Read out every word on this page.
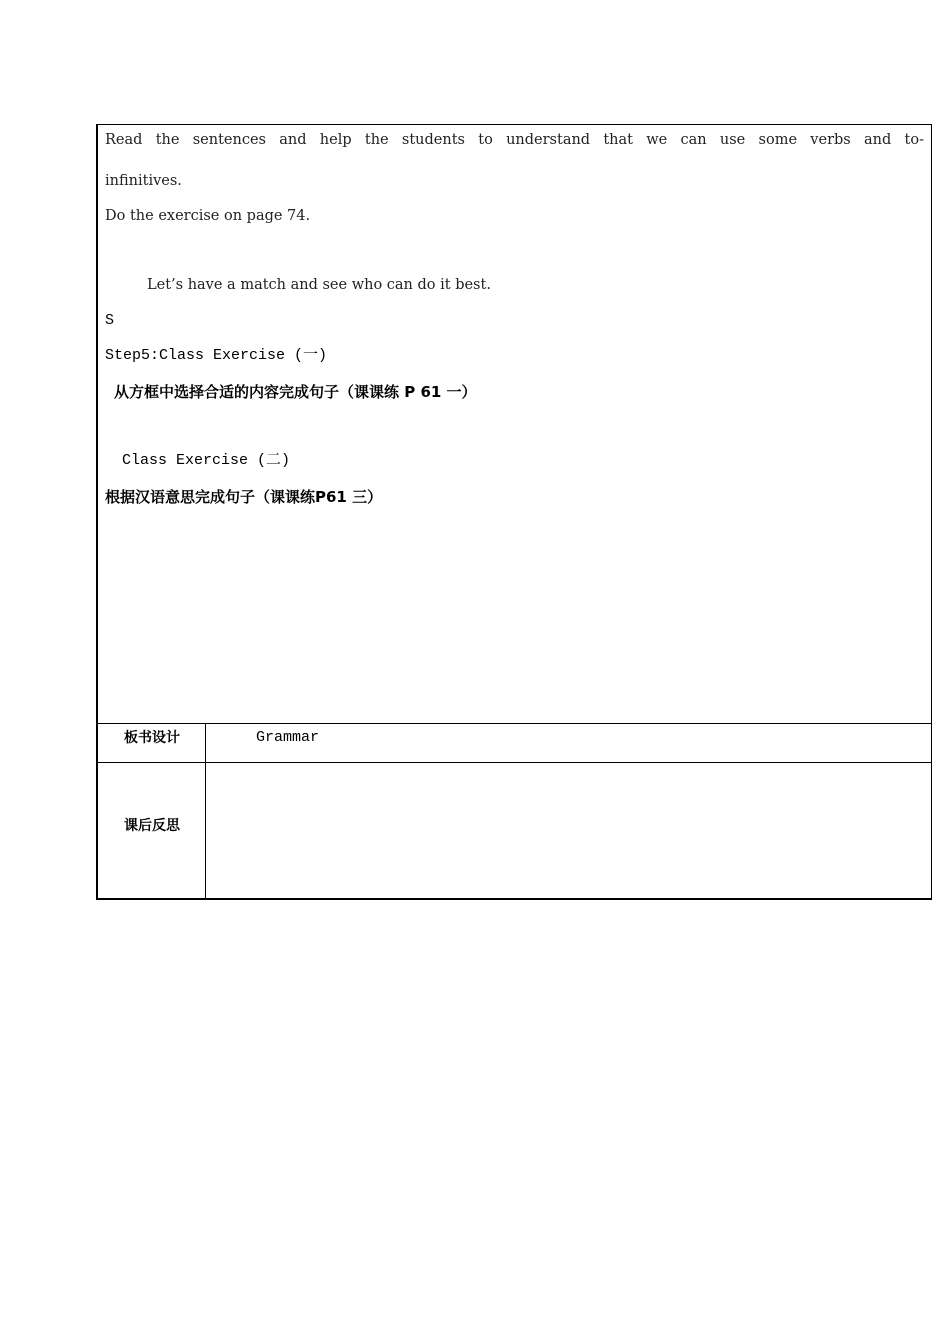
Read the sentences and help the students to understand that we can use some verbs and to-
infinitives.
Do the exercise on page 74.
Let’s have a match and see who can do it best.
S
Step5:Class Exercise (一)
从方框中选择合适的内容完成句子（课课练 P 61 一）
Class Exercise (二)
根据汉语意思完成句子（课课练P61 三）
板书设计	Grammar
课后反思
